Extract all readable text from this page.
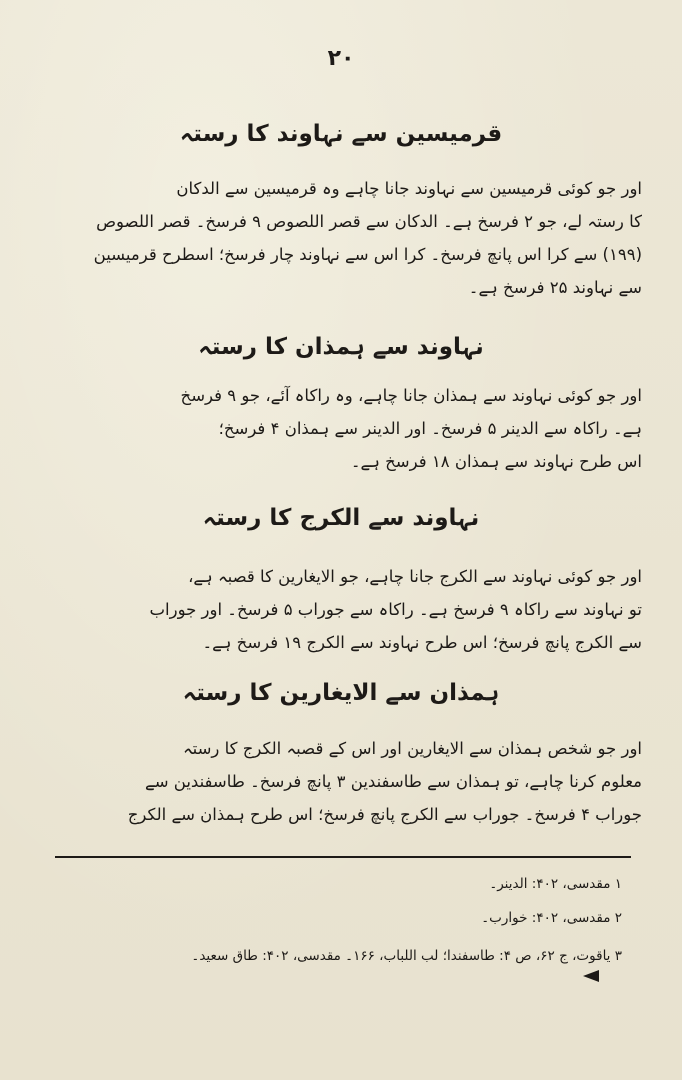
۲۰
قرمیسین سے نہاوند کا رستہ
اور جو کوئی قرمیسین سے نہاوند جانا چاہے وہ قرمیسین سے الدکان
کا رستہ لے، جو ۲ فرسخ ہے۔ الدکان سے قصر اللصوص ۹ فرسخ۔ قصر اللصوص
(۱۹۹) سے کرا اس پانچ فرسخ۔ کرا اس سے نہاوند چار فرسخ؛ اسطرح قرمیسین
سے نہاوند ۲۵ فرسخ ہے۔
نہاوند سے ہمذان کا رستہ
اور جو کوئی نہاوند سے ہمذان جانا چاہے، وہ راکاہ آئے، جو ۹ فرسخ
ہے۔ راکاہ سے الدینر ۵ فرسخ۔ اور الدینر سے ہمذان ۴ فرسخ؛
اس طرح نہاوند سے ہمذان ۱۸ فرسخ ہے۔
نہاوند سے الکرج کا رستہ
اور جو کوئی نہاوند سے الکرج جانا چاہے، جو الایغارین کا قصبہ ہے،
تو نہاوند سے راکاہ ۹ فرسخ ہے۔ راکاہ سے جوراب ۵ فرسخ۔ اور جوراب
سے الکرج پانچ فرسخ؛ اس طرح نہاوند سے الکرج ۱۹ فرسخ ہے۔
ہمذان سے الایغارین کا رستہ
اور جو شخص ہمذان سے الایغارین اور اس کے قصبہ الکرج کا رستہ
معلوم کرنا چاہے، تو ہمذان سے طاسفندین ۳ پانچ فرسخ۔ طاسفندین سے
جوراب ۴ فرسخ۔ جوراب سے الکرج پانچ فرسخ؛ اس طرح ہمذان سے الکرج
۱ مقدسی، ۴۰۲: الدینر۔
۲ مقدسی، ۴۰۲: خوارب۔
۳ یاقوت، ج ۶۲، ص ۴: طاسفندا؛ لب اللباب، ۱۶۶۔ مقدسی، ۴۰۲: طاق سعید۔
